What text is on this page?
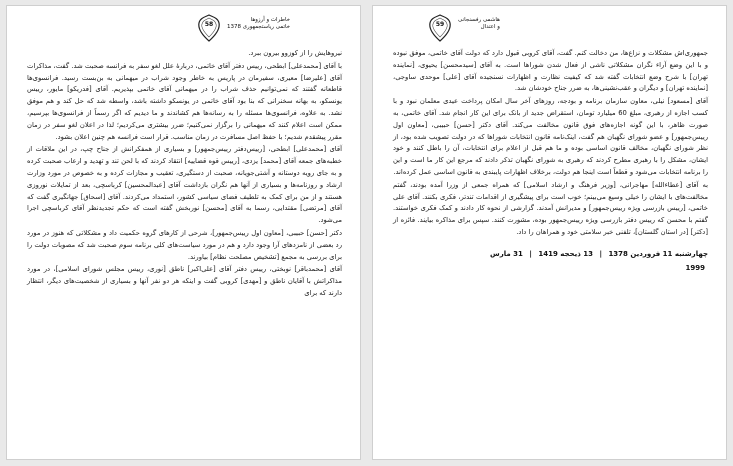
58
خاطرات و آرزوها
خاتمی ریاستجمهوری 1378

نیروهایش را از کوزوو بیرون ببرد.

با آقای [محمدعلی] ابطحی، رییس دفتر آقای خاتمی، دربارهٔ علل لغو سفر به فرانسه صحبت شد. گفت، مذاکرات آقای [علیرضا] معیری، سفیرمان در پاریس به خاطر وجود شراب در میهمانی به بن‌بست رسید. فرانسوی‌ها قاطعانه گفتند که نمی‌توانیم حذف شراب را در میهمانی آقای خاتمی بپذیریم. آقای [فدریکو] مایور، رییس یونسکو، به بهانه سخنرانی که بنا بود آقای خاتمی در یونسکو داشته باشد، واسطه شد که حل کند و هم موفق نشد. به علاوه، فرانسوی‌ها مسئله را به رسانه‌ها هم کشاندند و ما دیدیم که اگر رسماً از فرانسوی‌ها بپرسیم، ممکن است اعلام کنند که میهمانی را برگزار نمی‌کنیم؛ ضرر بیشتری می‌کردیم؛ لذا در اعلان لغو سفر در زمان مقرر پیشقدم شدیم؛ با حفظ اصل مسافرت در زمان مناسب. قرار است فرانسه هم چنین اعلان بشود.

آقای [محمدعلی] ابطحی، [رییس‌دفتر رییس‌جمهور] و بسیاری از همفکرانش از جناح چپ، در این ملاقات از خطبه‌های جمعه آقای [محمد] یزدی، [رییس قوه قضاییه] انتقاد کردند که با لحن تند و تهدید و ارعاب صحبت کرده و به جای رویه دوستانه و آشتی‌جویانه، صحبت از دستگیری، تعقیب و مجازات کرده و به خصوص در مورد وزارت ارشاد و روزنامه‌ها و بسیاری از آنها هم نگران بازداشت آقای [عبدالمحسین] کرباسچی، بعد از تمایلات نوروزی هستند و از من برای کمک به تلطیف فضای سیاسی کشور، استمداد می‌کردند. آقای [اسحاق] جهانگیری گفت که آقای [مرتضی] مقتدایی، رسما به آقای [محسن] نوربخش گفته است که حکم تجدیدنظر آقای کرباسچی اجرا می‌شود.

دکتر [حسن] حبیبی، [معاون اول رییس‌جمهور]، شرحی از کارهای گروه حکمیت داد و مشکلاتی که هنوز در مورد رد بعضی از نامزدهای آرا وجود دارد و هم در مورد سیاست‌های کلی برنامه سوم صحبت شد که مصوبات دولت را برای بررسی به مجمع [تشخیص مصلحت نظام] بیاورند.

آقای [محمدباقر] نوبختی، رییس دفتر آقای [علی‌اکبر] ناطق [نوری، رییس مجلس شورای اسلامی]، در مورد مذاکراتش با آقایان ناطق و [مهدی] کروبی گفت و اینکه هر دو نفر آنها و بسیاری از شخصیت‌های دیگر، انتظار دارند که برای

59
هاشمی رفسنجانی
و اعتدال

جمهوری‌اش مشکلات و نزاع‌ها، من دخالت کنم. گفت، آقای کروبی قبول دارد که دولت آقای خاتمی، موفق نبوده و با این وضع آراء نگران مشکلاتی ناشی از فعال شدن شوراها است. به آقای [سیدمحسن] یحیوی، [نماینده تهران] با شرح وضع انتخابات گفته شد که کیفیت نظارت و اظهارات نسنجیده آقای [علی] موحدی ساوجی، [نماینده تهران] و دیگران و عقب‌نشینی‌ها، به ضرر جناح خودشان شد.

آقای [مسعود] نیلی، معاون سازمان برنامه و بودجه، روزهای آخر سال امکان پرداخت عیدی معلمان نبود و با کسب اجازه از رهبری، مبلغ 60 میلیارد تومان، استقراض جدید از بانک برای این کار انجام شد. آقای خاتمی، به صورت ظاهر، با این گونه اجازه‌های فوق قانون مخالفت می‌کند. آقای دکتر [حسن] حبیبی، [معاون اول رییس‌جمهور] و عضو شورای نگهبان هم گفت، اینک‌نامه قانون انتخابات شوراها که در دولت تصویب شده بود، از نظر شورای نگهبان، مخالف قانون اساسی بوده و ما هم قبل از اعلام برای انتخابات، آن را باطل کنند و خود ایشان، مشکل را با رهبری مطرح کردند که رهبری به شورای نگهبان تذکر دادند که مرجع این کار ما است و این را برنامه انتخابات می‌شود و قطعاً است اینجا هم دولت، برخلاف اظهارات پایبندی به قانون اساسی عمل کرده‌اند.

به آقای [عطاءالله] مهاجرانی، [وزیر فرهنگ و ارشاد اسلامی] که همراه جمعی از وزرا آمده بودند، گفتم مخالفت‌های با ایشان را خیلی وسیع می‌بینم؛ خوب است برای پیشگیری از اقدامات تندتر، فکری بکنند. آقای علی خاتمی، [رییس بازرسی ویژه رییس‌جمهور] و مدیرانش آمدند. گزارشی از نحوه کار دادند و کمک فکری خواستند. گفتم با محسن که رییس دفتر بازرسی ویژه رییس‌جمهور بوده، مشورت کنند. سپس برای مذاکره بیایند. فائزه از [دکتر] [در استان گلستان]، تلفنی خبر سلامتی خود و همراهان را داد.

چهارشنبه 11 فروردین 1378 | 13 ذیحجه 1419 | 31 مارس
1999
